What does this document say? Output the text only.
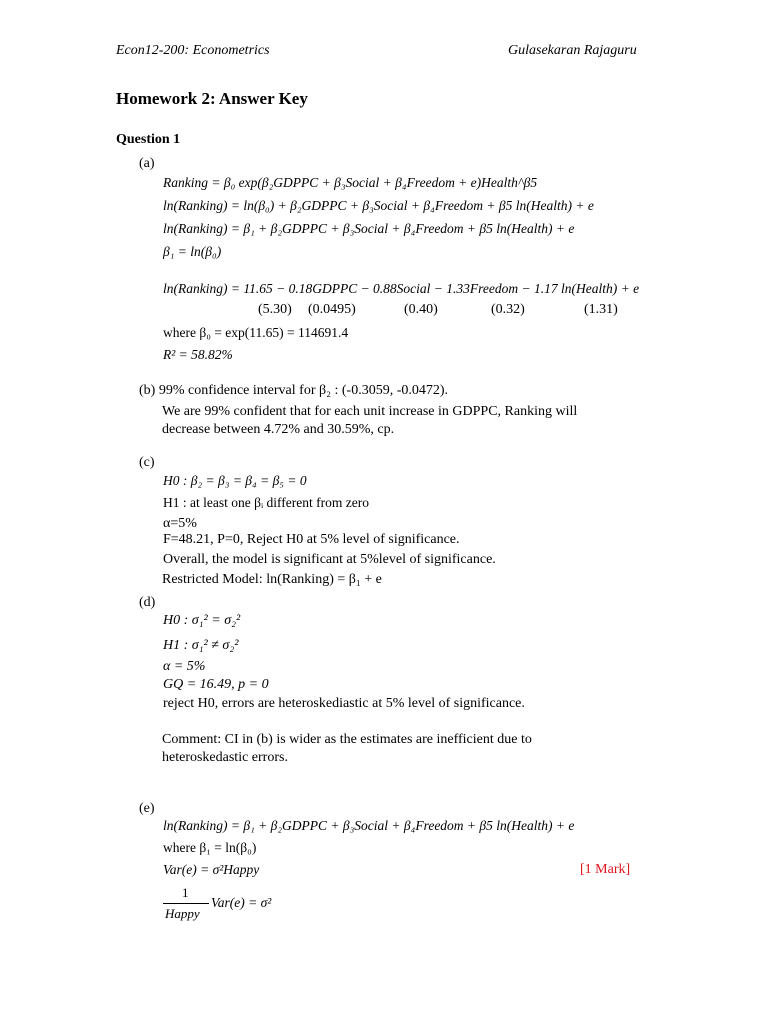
Econ12-200: Econometrics	Gulasekaran Rajaguru
Homework 2: Answer Key
Question 1
(a)
Ranking = β₀ exp(β₂GDPPC + β₃Social + β₄Freedom + e)Health^β5
ln(Ranking) = ln(β₀) + β₂GDPPC + β₃Social + β₄Freedom + β5 ln(Health) + e
ln(Ranking) = β₁ + β₂GDPPC + β₃Social + β₄Freedom + β5 ln(Health) + e
β₁ = ln(β₀)
ln(Ranking) = 11.65 − 0.18GDPPC − 0.88Social − 1.33Freedom − 1.17 ln(Health) + e
(5.30) (0.0495)	(0.40)	(0.32)	(1.31)
where β₀ = exp(11.65) = 114691.4
R² = 58.82%
(b) 99% confidence interval for β₂ : (-0.3059, -0.0472).
We are 99% confident that for each unit increase in GDPPC, Ranking will
decrease between 4.72% and 30.59%, cp.
(c)
H0 : β₂ = β₃ = β₄ = β₅ = 0
H1 : at least one βᵢ different from zero
α=5%
F=48.21, P=0, Reject H0 at 5% level of significance.
Overall, the model is significant at 5%level of significance.
Restricted Model: ln(Ranking) = β₁ + e
(d)
H0 : σ₁² = σ₂²
H1 : σ₁² ≠ σ₂²
α = 5%
GQ = 16.49, p = 0
reject H0, errors are heteroskediastic at 5% level of significance.
Comment: CI in (b) is wider as the estimates are inefficient due to
heteroskedastic errors.
(e)
ln(Ranking) = β₁ + β₂GDPPC + β₃Social + β₄Freedom + β5 ln(Health) + e
where β₁ = ln(β₀)
Var(e) = σ²Happy	[1 Mark]
1
Happy
Var(e) = σ²
